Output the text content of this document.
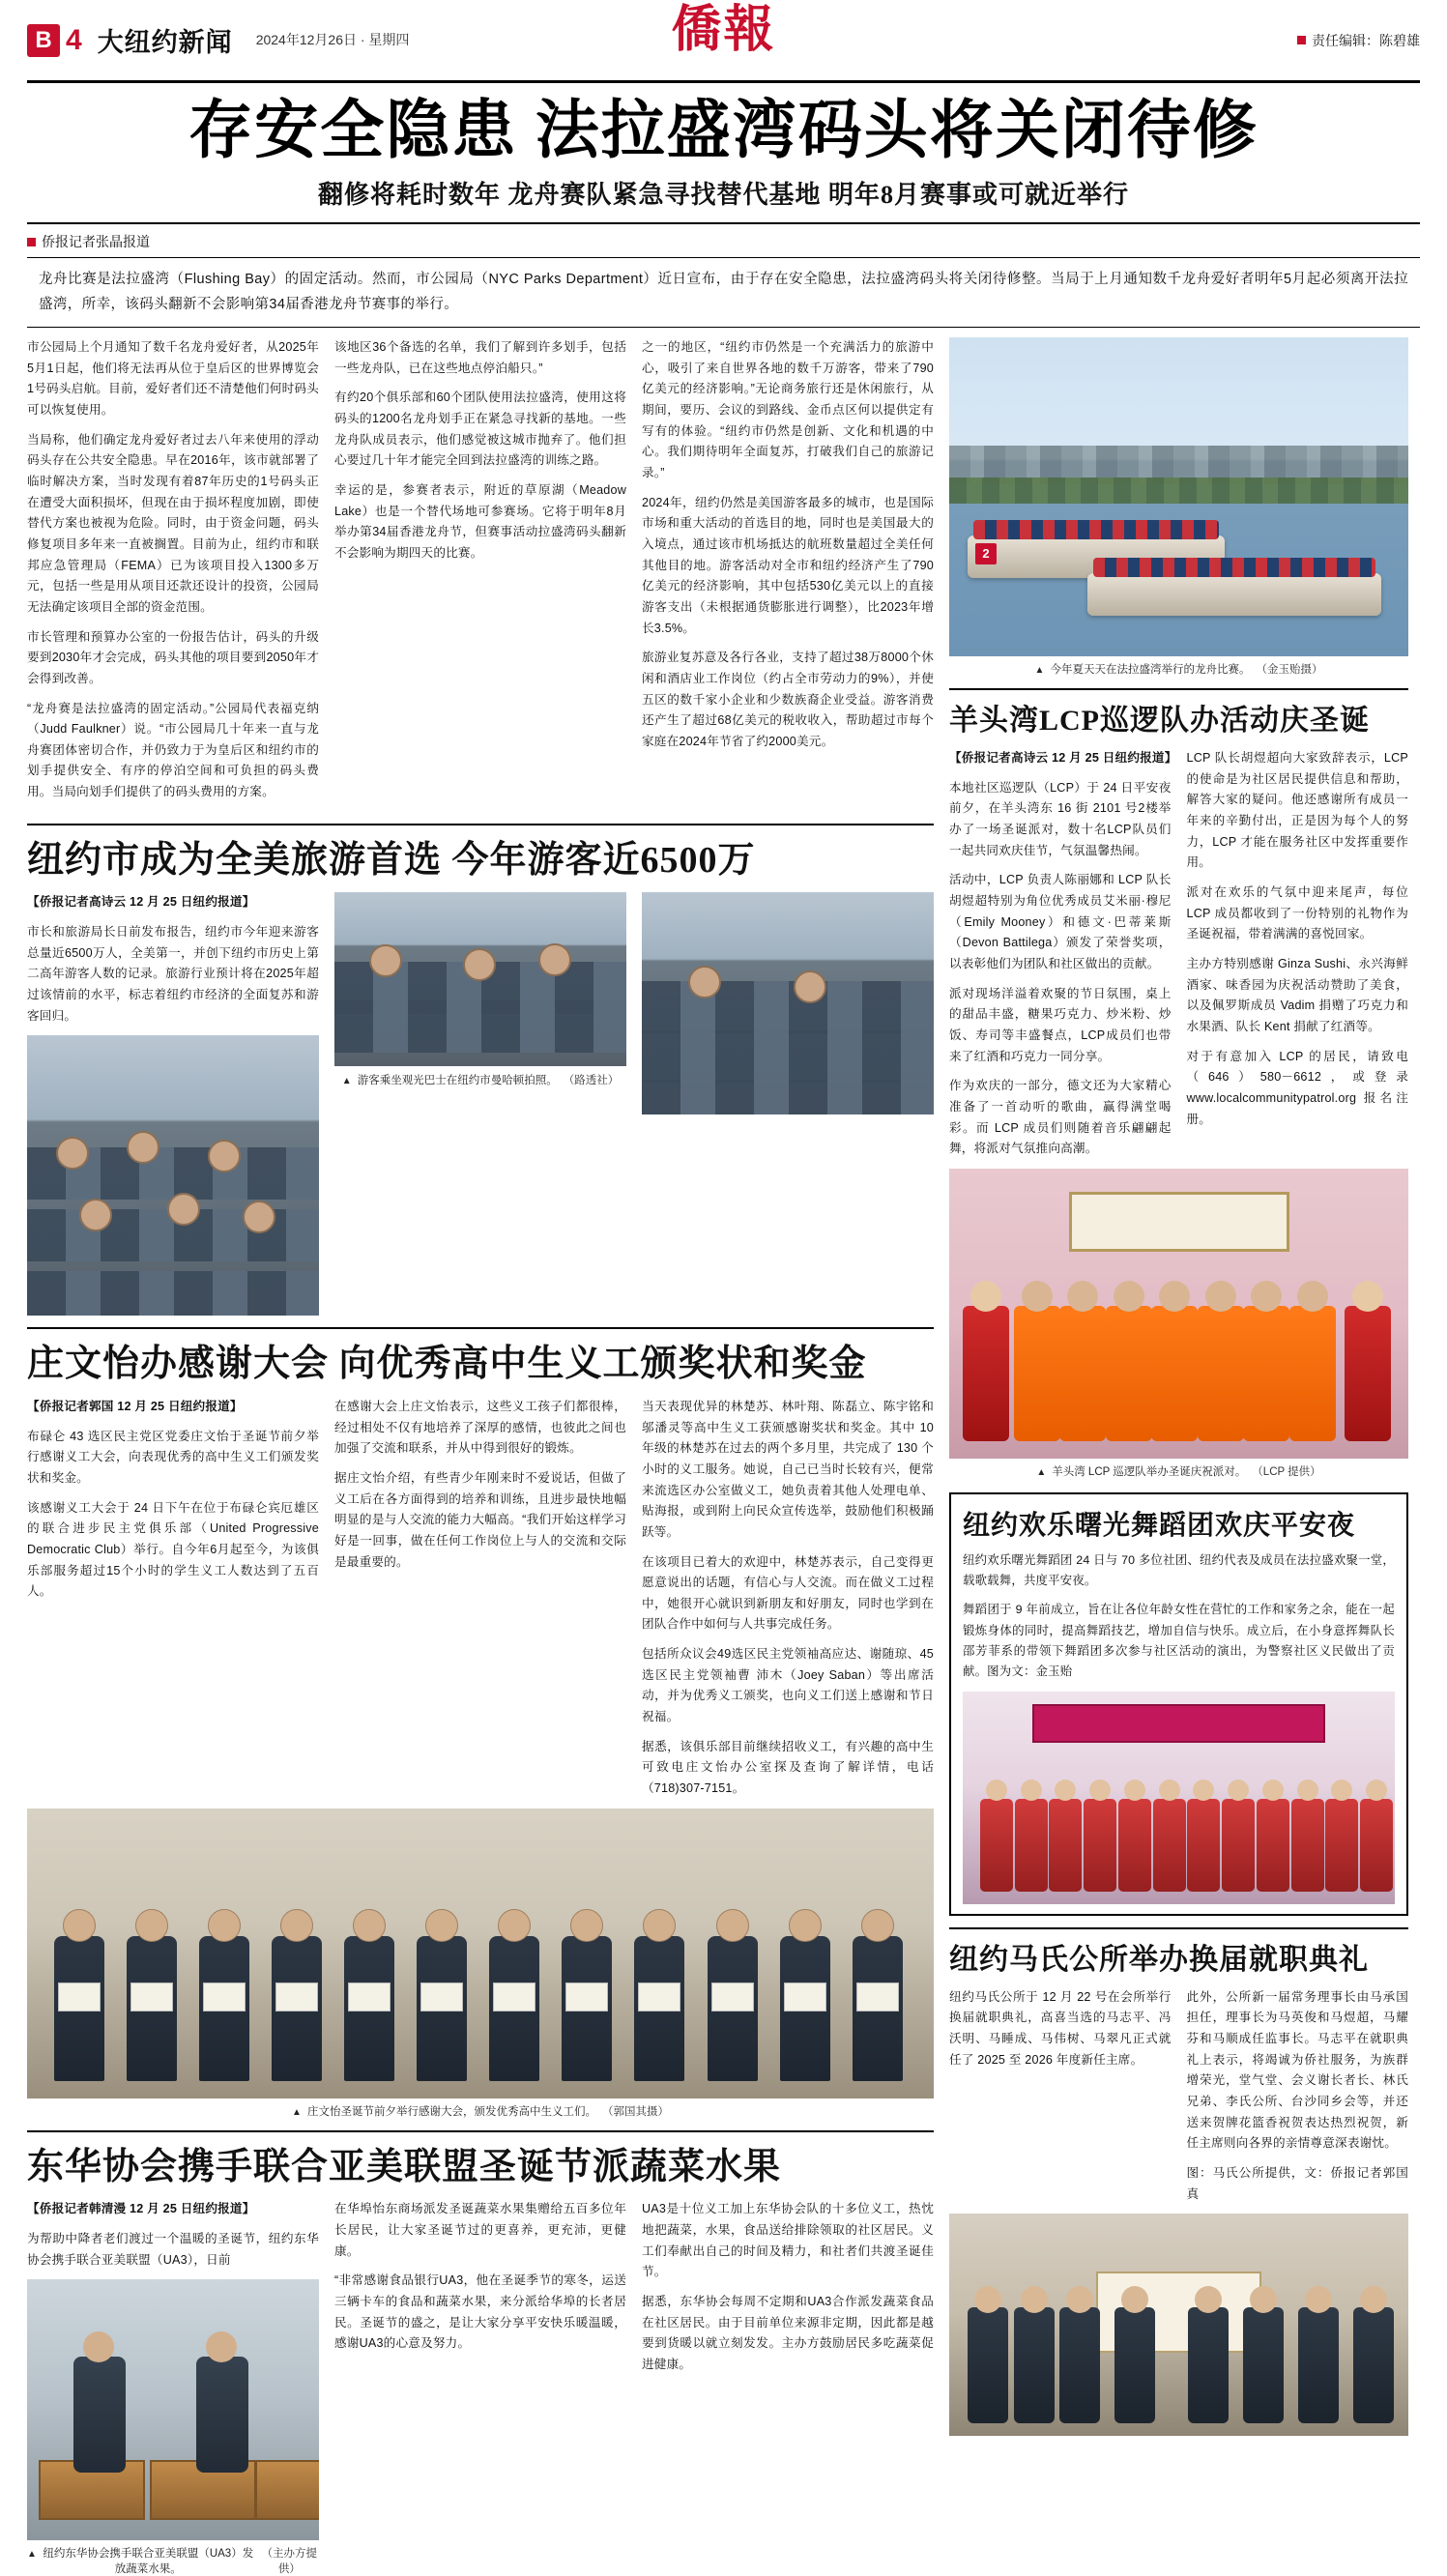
B 4 大纽约新闻 2024年12月26日 · 星期四	僑報	责任编辑：陈碧雄
存安全隐患 法拉盛湾码头将关闭待修
翻修将耗时数年 龙舟赛队紧急寻找替代基地 明年8月赛事或可就近举行
侨报记者张晶报道
龙舟比赛是法拉盛湾（Flushing Bay）的固定活动。然而，市公园局（NYC Parks Department）近日宣布，由于存在安全隐患，法拉盛湾码头将关闭待修整。当局于上月通知数千龙舟爱好者明年5月起必须离开法拉盛湾，所幸，该码头翻新不会影响第34届香港龙舟节赛事的举行。

市公园局上个月通知了数千名龙舟爱好者，从2025年5月1日起，他们将无法再从位于皇后区的世界博览会1号码头启航。目前，爱好者们还不清楚他们何时码头可以恢复使用。

当局称，他们确定龙舟爱好者过去八年来使用的浮动码头存在公共安全隐患。早在2016年，该市就部署了临时解决方案，当时发现有着87年历史的1号码头正在遭受大面积损坏，但现在由于损坏程度加剧，即使替代方案也被视为危险。同时，由于资金问题，码头修复项目多年来一直被搁置。目前为止，纽约市和联邦应急管理局（FEMA）已为该项目投入1300多万元，包括一些是用从项目还款还设计的投资，公园局无法确定该项目全部的资金范围。

市长管理和预算办公室的一份报告估计，码头的升级要到2030年才会完成，码头其他的项目要到2050年才会得到改善。

“龙舟赛是法拉盛湾的固定活动。”公园局代表福克纳（Judd Faulkner）说。“市公园局几十年来一直与龙舟赛团体密切合作，并仍致力于为皇后区和纽约市的划手提供安全、有序的停泊空间和可负担的码头费用。当局向划手们提供了的码头费用的方案。

该地区36个备选的名单，我们了解到许多划手，包括一些龙舟队，已在这些地点停泊船只。”

有约20个俱乐部和60个团队使用法拉盛湾，使用这将码头的1200名龙舟划手正在紧急寻找新的基地。一些龙舟队成员表示，他们感觉被这城市抛弃了。他们担心要过几十年才能完全回到法拉盛湾的训练之路。

幸运的是，参赛者表示，附近的草原湖（Meadow Lake）也是一个替代场地可参赛场。它将于明年8月举办第34届香港龙舟节，但赛事活动拉盛湾码头翻新不会影响为期四天的比赛。

之一的地区，“纽约市仍然是一个充满活力的旅游中心，吸引了来自世界各地的数千万游客，带来了790亿美元的经济影响。”无论商务旅行还是休闲旅行，从期间，要历、会议的到路线、金币点区何以提供定有写有的体验。“纽约市仍然是创新、文化和机遇的中心。我们期待明年全面复苏，打破我们自己的旅游记录。”

2024年，纽约仍然是美国游客最多的城市，也是国际市场和重大活动的首选目的地，同时也是美国最大的入境点，通过该市机场抵达的航班数量超过全美任何其他目的地。游客活动对全市和纽约经济产生了790亿美元的经济影响，其中包括530亿美元以上的直接游客支出（未根据通货膨胀进行调整），比2023年增长3.5%。

旅游业复苏意及各行各业，支持了超过38万8000个休闲和酒店业工作岗位（约占全市劳动力的9%），并使五区的数千家小企业和少数族裔企业受益。游客消费还产生了超过68亿美元的税收收入，帮助超过市每个家庭在2024年节省了约2000美元。

纽约市成为全美旅游首选 今年游客近6500万

【侨报记者高诗云 12 月 25 日纽约报道】

市长和旅游局长日前发布报告，纽约市今年迎来游客总量近6500万人，全美第一，并创下纽约市历史上第二高年游客人数的记录。旅游行业预计将在2025年超过该情前的水平，标志着纽约市经济的全面复苏和游客回归。

▲ 游客乘坐观光巴士在纽约市曼哈顿拍照。 （路透社）
庄文怡办感谢大会 向优秀高中生义工颁奖状和奖金

【侨报记者郭国 12 月 25 日纽约报道】

布碌仑 43 选区民主党区党委庄文怡于圣诞节前夕举行感谢义工大会，向表现优秀的高中生义工们颁发奖状和奖金。

该感谢义工大会于 24 日下午在位于布碌仑宾厄雄区的联合进步民主党俱乐部（United Progressive Democratic Club）举行。自今年6月起至今，为该俱乐部服务超过15个小时的学生义工人数达到了五百人。

在感谢大会上庄文怡表示，这些义工孩子们都很棒，经过相处不仅有地培养了深厚的感情，也彼此之间也加强了交流和联系，并从中得到很好的锻炼。

据庄文怡介绍，有些青少年刚来时不爱说话，但做了义工后在各方面得到的培养和训练，且进步最快地幅明显的是与人交流的能力大幅高。“我们开始这样学习好是一回事，做在任何工作岗位上与人的交流和交际是最重要的。

当天表现优异的林楚苏、林叶翔、陈磊立、陈宇铭和邬潘灵等高中生义工获颁感谢奖状和奖金。其中 10 年级的林楚苏在过去的两个多月里，共完成了 130 个小时的义工服务。她说，自己已当时长较有兴，便常来流选区办公室做义工，她负责着其他人处理电单、贴海报，或到附上向民众宣传选举，鼓励他们积极踊跃等。

在该项目已着大的欢迎中，林楚苏表示，自己变得更愿意说出的话题，有信心与人交流。而在做义工过程中，她很开心就识到新朋友和好朋友，同时也学到在团队合作中如何与人共事完成任务。

包括所众议会49选区民主党领袖高应达、谢随琼、45 选区民主党领袖曹 沛木（Joey Saban）等出席活动，并为优秀义工颁奖，也向义工们送上感谢和节日祝福。

据悉，该俱乐部目前继续招收义工，有兴趣的高中生可致电庄文怡办公室探及查询了解详情，电话（718)307-7151。

▲ 庄文怡圣诞节前夕举行感谢大会，颁发优秀高中生义工们。 （郭国其摄）
东华协会携手联合亚美联盟圣诞节派蔬菜水果

【侨报记者韩清漫 12 月 25 日纽约报道】

为帮助中降者老们渡过一个温暖的圣诞节，纽约东华协会携手联合亚美联盟（UA3），日前

▲ 纽约东华协会携手联合亚美联盟（UA3）发放蔬菜水果。
（主办方提供）

在华埠怡东商场派发圣诞蔬菜水果集赠给五百多位年长居民，让大家圣诞节过的更喜养，更充沛，更健康。

“非常感谢食品银行UA3，他在圣诞季节的寒冬，运送三辆卡车的食品和蔬菜水果，来分派给华埠的长者居民。圣诞节的盛之，是让大家分享平安快乐暖温暖，感谢UA3的心意及努力。

UA3是十位义工加上东华协会队的十多位义工，热忱地把蔬菜，水果，食品送给排除领取的社区居民。义工们奉献出自己的时间及精力，和社者们共渡圣诞佳节。

据悉，东华协会每周不定期和UA3合作派发蔬菜食品在社区居民。由于目前单位来源非定期，因此都是越要到货暖以就立刻发发。主办方鼓励居民多吃蔬菜促进健康。

2
▲ 今年夏天天在法拉盛湾举行的龙舟比赛。 （金玉贻摄）
羊头湾LCP巡逻队办活动庆圣诞

【侨报记者高诗云 12 月 25 日纽约报道】

本地社区巡逻队（LCP）于 24 日平安夜前夕，在羊头湾东 16 街 2101 号2楼举办了一场圣诞派对，数十名LCP队员们一起共同欢庆佳节，气氛温馨热闹。

活动中，LCP 负责人陈丽娜和 LCP 队长胡煜超特别为角位优秀成员艾米丽·穆尼（Emily Mooney）和德文·巴蒂莱斯（Devon Battilega）颁发了荣誉奖项，以表彰他们为团队和社区做出的贡献。

派对现场洋溢着欢聚的节日氛围，桌上的甜品丰盛，糖果巧克力、炒米粉、炒饭、寿司等丰盛餐点，LCP成员们也带来了红酒和巧克力一同分享。

作为欢庆的一部分，德文还为大家精心准备了一首动听的歌曲，赢得满堂喝彩。而 LCP 成员们则随着音乐翩翩起舞，将派对气氛推向高潮。

LCP 队长胡煜超向大家致辞表示，LCP 的使命是为社区居民提供信息和帮助，解答大家的疑问。他还感谢所有成员一年来的辛勤付出，正是因为每个人的努力，LCP 才能在服务社区中发挥重要作用。

派对在欢乐的气氛中迎来尾声，每位 LCP 成员都收到了一份特别的礼物作为圣诞祝福，带着满满的喜悦回家。

主办方特别感谢 Ginza Sushi、永兴海鲜酒家、味香园为庆祝活动赞助了美食，以及佩罗斯成员 Vadim 捐赠了巧克力和水果酒、队长 Kent 捐献了红酒等。

对于有意加入 LCP 的居民，请致电（646）580－6612，或登录 www.localcommunitypatrol.org 报名注册。

▲ 羊头湾 LCP 巡逻队举办圣诞庆祝派对。 （LCP 提供）
纽约欢乐曙光舞蹈团欢庆平安夜

纽约欢乐曙光舞蹈团 24 日与 70 多位社团、纽约代表及成员在法拉盛欢聚一堂，载歌载舞，共度平安夜。

舞蹈团于 9 年前成立，旨在让各位年龄女性在营忙的工作和家务之余，能在一起锻炼身体的同时，提高舞蹈技艺，增加自信与快乐。成立后，在小身意挥舞队长邵芳菲系的带领下舞蹈团多次参与社区活动的演出，为警察社区义民做出了贡献。图为文：金玉贻

纽约马氏公所举办换届就职典礼

纽约马氏公所于 12 月 22 号在会所举行换届就职典礼，高喜当选的马志平、冯沃明、马睡成、马伟树、马翠凡正式就任了 2025 至 2026 年度新任主席。

此外，公所新一届常务理事长由马承国担任，理事长为马英俊和马煜超，马耀芬和马顺成任监事长。马志平在就职典礼上表示，将竭诚为侨社服务，为族群增荣光，堂气堂、会义谢长者长、林氏兄弟、李氏公所、台沙同乡会等，并还送来贺牌花篮香祝贺表达热烈祝贺，新任主席则向各界的亲情尊意深表谢忱。

图：马氏公所提供，文：侨报记者郭国真
